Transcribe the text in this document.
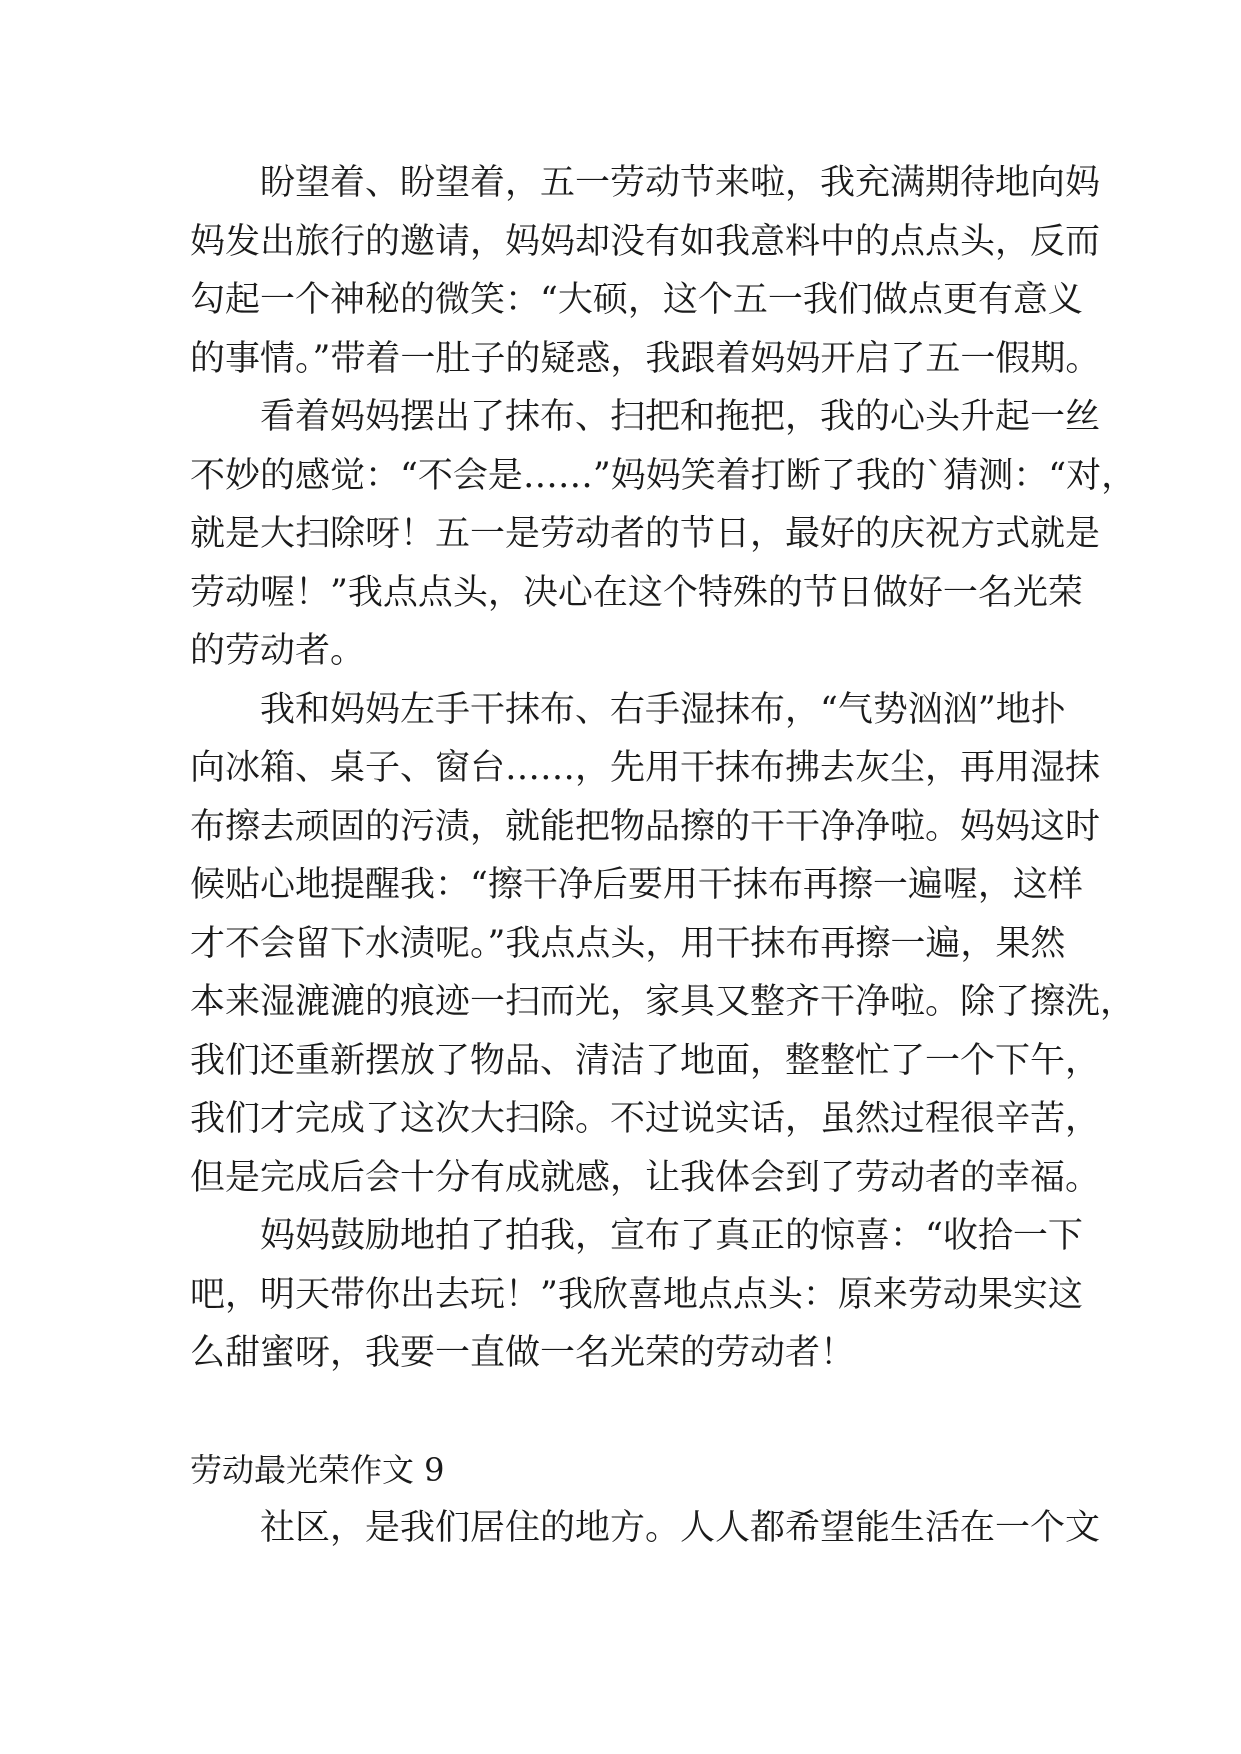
盼望着、盼望着，五一劳动节来啦，我充满期待地向妈
妈发出旅行的邀请，妈妈却没有如我意料中的点点头，反而
勾起一个神秘的微笑：“大硕，这个五一我们做点更有意义
的事情。”带着一肚子的疑惑，我跟着妈妈开启了五一假期。
看着妈妈摆出了抹布、扫把和拖把，我的心头升起一丝
不妙的感觉：“不会是……”妈妈笑着打断了我的`猜测：“对，
就是大扫除呀！五一是劳动者的节日，最好的庆祝方式就是
劳动喔！”我点点头，决心在这个特殊的节日做好一名光荣
的劳动者。
我和妈妈左手干抹布、右手湿抹布，“气势汹汹”地扑
向冰箱、桌子、窗台……，先用干抹布拂去灰尘，再用湿抹
布擦去顽固的污渍，就能把物品擦的干干净净啦。妈妈这时
候贴心地提醒我：“擦干净后要用干抹布再擦一遍喔，这样
才不会留下水渍呢。”我点点头，用干抹布再擦一遍，果然
本来湿漉漉的痕迹一扫而光，家具又整齐干净啦。除了擦洗，
我们还重新摆放了物品、清洁了地面，整整忙了一个下午，
我们才完成了这次大扫除。不过说实话，虽然过程很辛苦，
但是完成后会十分有成就感，让我体会到了劳动者的幸福。
妈妈鼓励地拍了拍我，宣布了真正的惊喜：“收拾一下
吧，明天带你出去玩！”我欣喜地点点头：原来劳动果实这
么甜蜜呀，我要一直做一名光荣的劳动者！
劳动最光荣作文 9
社区，是我们居住的地方。人人都希望能生活在一个文
